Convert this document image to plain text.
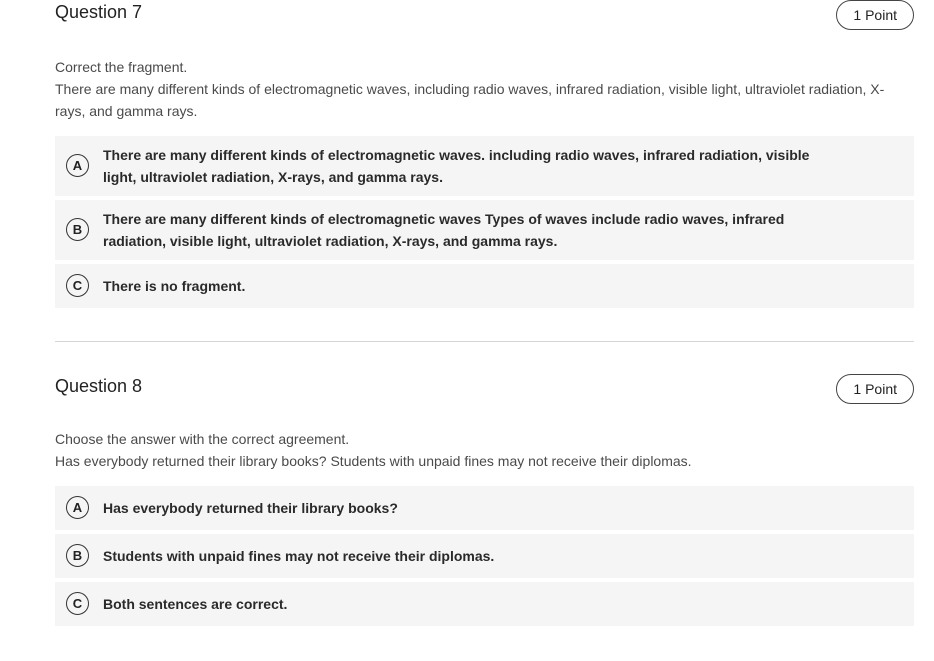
Question 7	1 Point

Correct the fragment.

There are many different kinds of electromagnetic waves, including radio waves, infrared radiation, visible light, ultraviolet radiation, X-rays, and gamma rays.

A
There are many different kinds of electromagnetic waves. including radio waves, infrared radiation, visible light, ultraviolet radiation, X-rays, and gamma rays.
B
There are many different kinds of electromagnetic waves Types of waves include radio waves, infrared radiation, visible light, ultraviolet radiation, X-rays, and gamma rays.
C	There is no fragment.
Question 8	1 Point

Choose the answer with the correct agreement.

Has everybody returned their library books? Students with unpaid fines may not receive their diplomas.

A	Has everybody returned their library books?
B	Students with unpaid fines may not receive their diplomas.
C	Both sentences are correct.
